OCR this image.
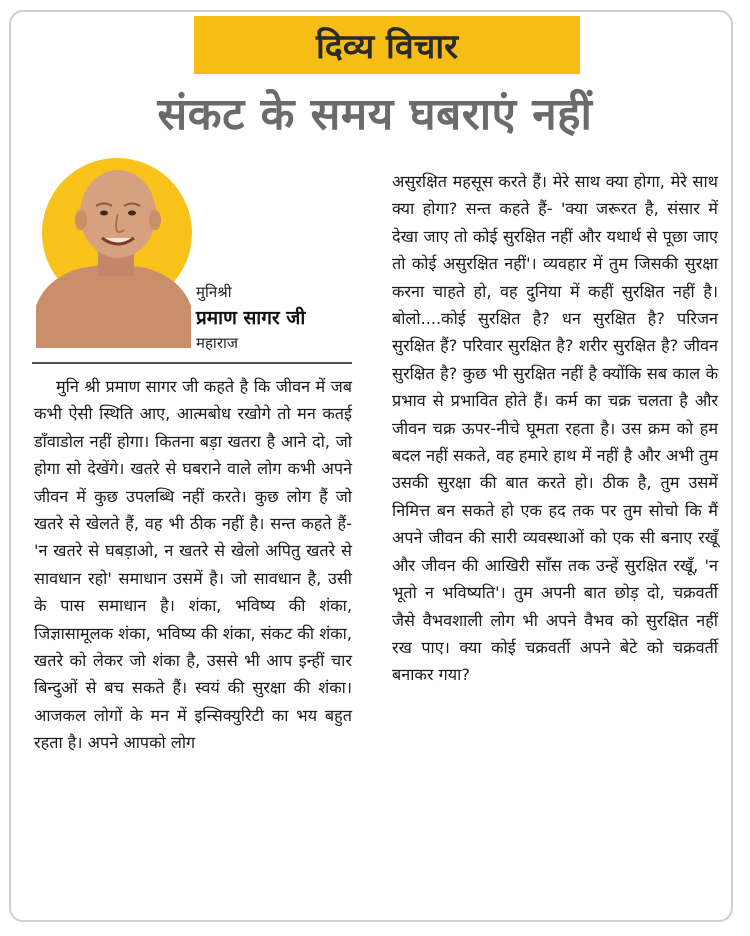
दिव्य विचार
संकट के समय घबराएं नहीं
मुनिश्री
प्रमाण सागर जी
महाराज
मुनि श्री प्रमाण सागर जी कहते है कि जीवन में जब कभी ऐसी स्थिति आए, आत्मबोध रखोगे तो मन कतई डाँवाडोल नहीं होगा। कितना बड़ा खतरा है आने दो, जो होगा सो देखेंगे। खतरे से घबराने वाले लोग कभी अपने जीवन में कुछ उपलब्धि नहीं करते। कुछ लोग हैं जो खतरे से खेलते हैं, वह भी ठीक नहीं है। सन्त कहते हैं- 'न खतरे से घबड़ाओ, न खतरे से खेलो अपितु खतरे से सावधान रहो' समाधान उसमें है। जो सावधान है, उसी के पास समाधान है। शंका, भविष्य की शंका, जिज्ञासामूलक शंका, भविष्य की शंका, संकट की शंका, खतरे को लेकर जो शंका है, उससे भी आप इन्हीं चार बिन्दुओं से बच सकते हैं। स्वयं की सुरक्षा की शंका। आजकल लोगों के मन में इन्सिक्युरिटी का भय बहुत रहता है। अपने आपको लोग
असुरक्षित महसूस करते हैं। मेरे साथ क्या होगा, मेरे साथ क्या होगा? सन्त कहते हैं- 'क्या जरूरत है, संसार में देखा जाए तो कोई सुरक्षित नहीं और यथार्थ से पूछा जाए तो कोई असुरक्षित नहीं'। व्यवहार में तुम जिसकी सुरक्षा करना चाहते हो, वह दुनिया में कहीं सुरक्षित नहीं है। बोलो....कोई सुरक्षित है? धन सुरक्षित है? परिजन सुरक्षित हैं? परिवार सुरक्षित है? शरीर सुरक्षित है? जीवन सुरक्षित है? कुछ भी सुरक्षित नहीं है क्योंकि सब काल के प्रभाव से प्रभावित होते हैं। कर्म का चक्र चलता है और जीवन चक्र ऊपर-नीचे घूमता रहता है। उस क्रम को हम बदल नहीं सकते, वह हमारे हाथ में नहीं है और अभी तुम उसकी सुरक्षा की बात करते हो। ठीक है, तुम उसमें निमित्त बन सकते हो एक हद तक पर तुम सोचो कि मैं अपने जीवन की सारी व्यवस्थाओं को एक सी बनाए रखूँ और जीवन की आखिरी साँस तक उन्हें सुरक्षित रखूँ, 'न भूतो न भविष्यति'। तुम अपनी बात छोड़ दो, चक्रवर्ती जैसे वैभवशाली लोग भी अपने वैभव को सुरक्षित नहीं रख पाए। क्या कोई चक्रवर्ती अपने बेटे को चक्रवर्ती बनाकर गया?
